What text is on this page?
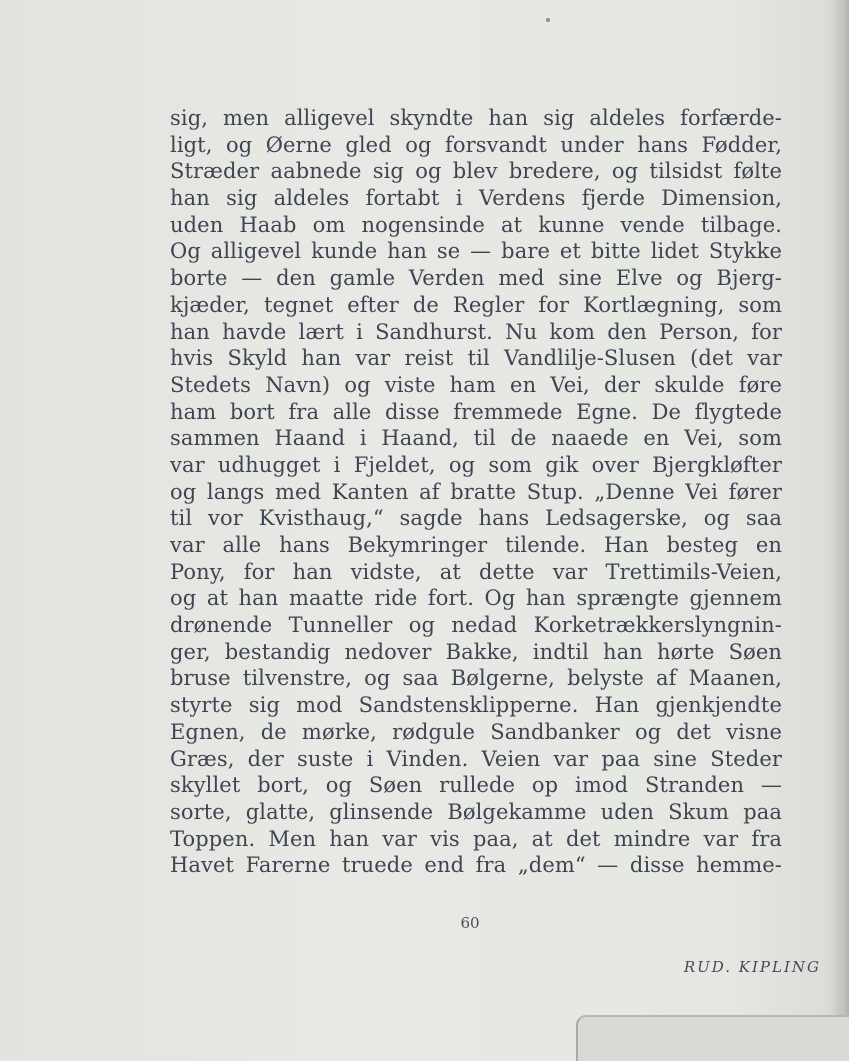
sig, men alligevel skyndte han sig aldeles forfærde-
ligt, og Øerne gled og forsvandt under hans Fødder,
Stræder aabnede sig og blev bredere, og tilsidst følte
han sig aldeles fortabt i Verdens fjerde Dimension,
uden Haab om nogensinde at kunne vende tilbage.
Og alligevel kunde han se — bare et bitte lidet Stykke
borte — den gamle Verden med sine Elve og Bjerg-
kjæder, tegnet efter de Regler for Kortlægning, som
han havde lært i Sandhurst. Nu kom den Person, for
hvis Skyld han var reist til Vandlilje-Slusen (det var
Stedets Navn) og viste ham en Vei, der skulde føre
ham bort fra alle disse fremmede Egne. De flygtede
sammen Haand i Haand, til de naaede en Vei, som
var udhugget i Fjeldet, og som gik over Bjergkløfter
og langs med Kanten af bratte Stup. „Denne Vei fører
til vor Kvisthaug,“ sagde hans Ledsagerske, og saa
var alle hans Bekymringer tilende. Han besteg en
Pony, for han vidste, at dette var Trettimils-Veien,
og at han maatte ride fort. Og han sprængte gjennem
drønende Tunneller og nedad Korketrækkerslyngnin-
ger, bestandig nedover Bakke, indtil han hørte Søen
bruse tilvenstre, og saa Bølgerne, belyste af Maanen,
styrte sig mod Sandstensklipperne. Han gjenkjendte
Egnen, de mørke, rødgule Sandbanker og det visne
Græs, der suste i Vinden. Veien var paa sine Steder
skyllet bort, og Søen rullede op imod Stranden —
sorte, glatte, glinsende Bølgekamme uden Skum paa
Toppen. Men han var vis paa, at det mindre var fra
Havet Farerne truede end fra „dem“ — disse hemme-
60
RUD. KIPLING
